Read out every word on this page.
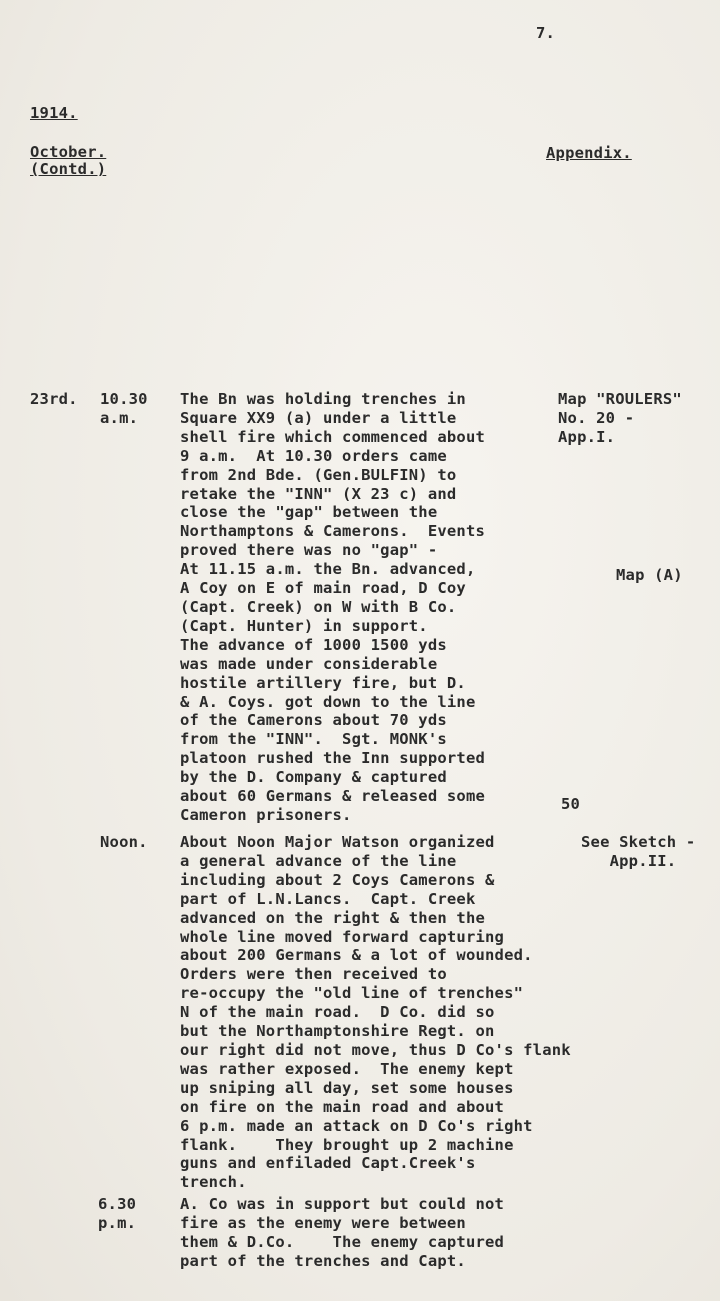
7.
1914.
October.
(Contd.)
Appendix.
23rd. 10.30
a.m.
The Bn was holding trenches in
Square XX9 (a) under a little
shell fire which commenced about
9 a.m.  At 10.30 orders came
from 2nd Bde. (Gen.BULFIN) to
retake the "INN" (X 23 c) and
close the "gap" between the
Northamptons & Camerons.  Events
proved there was no "gap" -
At 11.15 a.m. the Bn. advanced,
A Coy on E of main road, D Coy
(Capt. Creek) on W with B Co.
(Capt. Hunter) in support.
The advance of 1000 1500 yds
was made under considerable
hostile artillery fire, but D.
& A. Coys. got down to the line
of the Camerons about 70 yds
from the "INN".  Sgt. MONK's
platoon rushed the Inn supported
by the D. Company & captured
about 60 Germans & released some
Cameron prisoners.
50
Noon. About Noon Major Watson organized
a general advance of the line
including about 2 Coys Camerons &
part of L.N.Lancs.  Capt. Creek
advanced on the right & then the
whole line moved forward capturing
about 200 Germans & a lot of wounded.
Orders were then received to
re-occupy the "old line of trenches"
N of the main road.  D Co. did so
but the Northamptonshire Regt. on
our right did not move, thus D Co's flank
was rather exposed.  The enemy kept
up sniping all day, set some houses
on fire on the main road and about
6 p.m. made an attack on D Co's right
flank.    They brought up 2 machine
guns and enfiladed Capt.Creek's
trench.
6.30
p.m.
A. Co was in support but could not
fire as the enemy were between
them & D.Co.    The enemy captured
part of the trenches and Capt.
Map "ROULERS"
No. 20 -
App.I.
Map (A)
See Sketch -
App.II.
